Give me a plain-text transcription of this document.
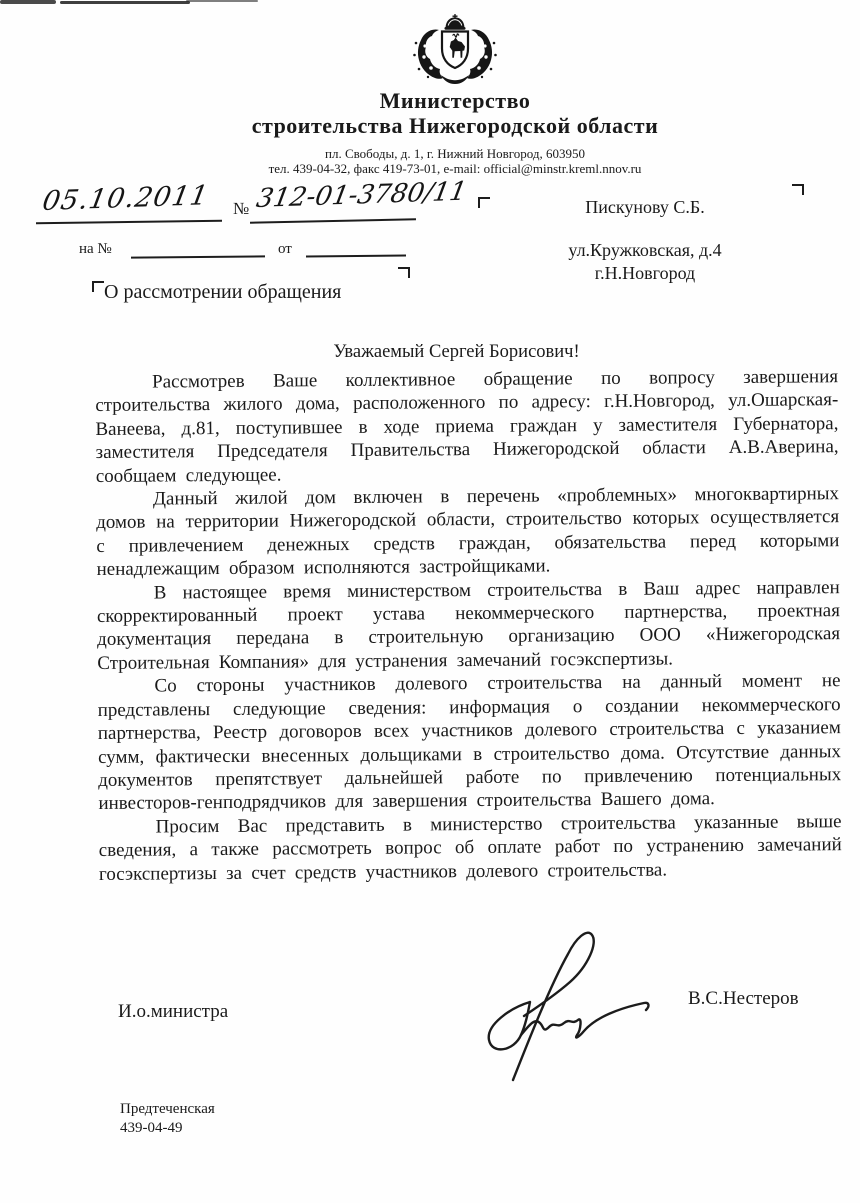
Министерство
строительства Нижегородской области
пл. Свободы, д. 1, г. Нижний Новгород, 603950
тел. 439-04-32, факс 419-73-01, e-mail: official@minstr.kreml.nnov.ru
05.10.2011 № 312-01-3780/11
на №	от
Пискунову С.Б.
ул.Кружковская, д.4
г.Н.Новгород
О рассмотрении обращения
Уважаемый Сергей Борисович!

Рассмотрев Ваше коллективное обращение по вопросу завершения строительства жилого дома, расположенного по адресу: г.Н.Новгород, ул.Ошарская-Ванеева, д.81, поступившее в ходе приема граждан у заместителя Губернатора, заместителя Председателя Правительства Нижегородской области А.В.Аверина, сообщаем следующее.

Данный жилой дом включен в перечень «проблемных» многоквартирных домов на территории Нижегородской области, строительство которых осуществляется с привлечением денежных средств граждан, обязательства перед которыми ненадлежащим образом исполняются застройщиками.

В настоящее время министерством строительства в Ваш адрес направлен скорректированный проект устава некоммерческого партнерства, проектная документация передана в строительную организацию ООО «Нижегородская Строительная Компания» для устранения замечаний госэкспертизы.

Со стороны участников долевого строительства на данный момент не представлены следующие сведения: информация о создании некоммерческого партнерства, Реестр договоров всех участников долевого строительства с указанием сумм, фактически внесенных дольщиками в строительство дома. Отсутствие данных документов препятствует дальнейшей работе по привлечению потенциальных инвесторов-генподрядчиков для завершения строительства Вашего дома.

Просим Вас представить в министерство строительства указанные выше сведения, а также рассмотреть вопрос об оплате работ по устранению замечаний госэкспертизы за счет средств участников долевого строительства.

И.о.министра
В.С.Нестеров
Предтеченская
439-04-49
